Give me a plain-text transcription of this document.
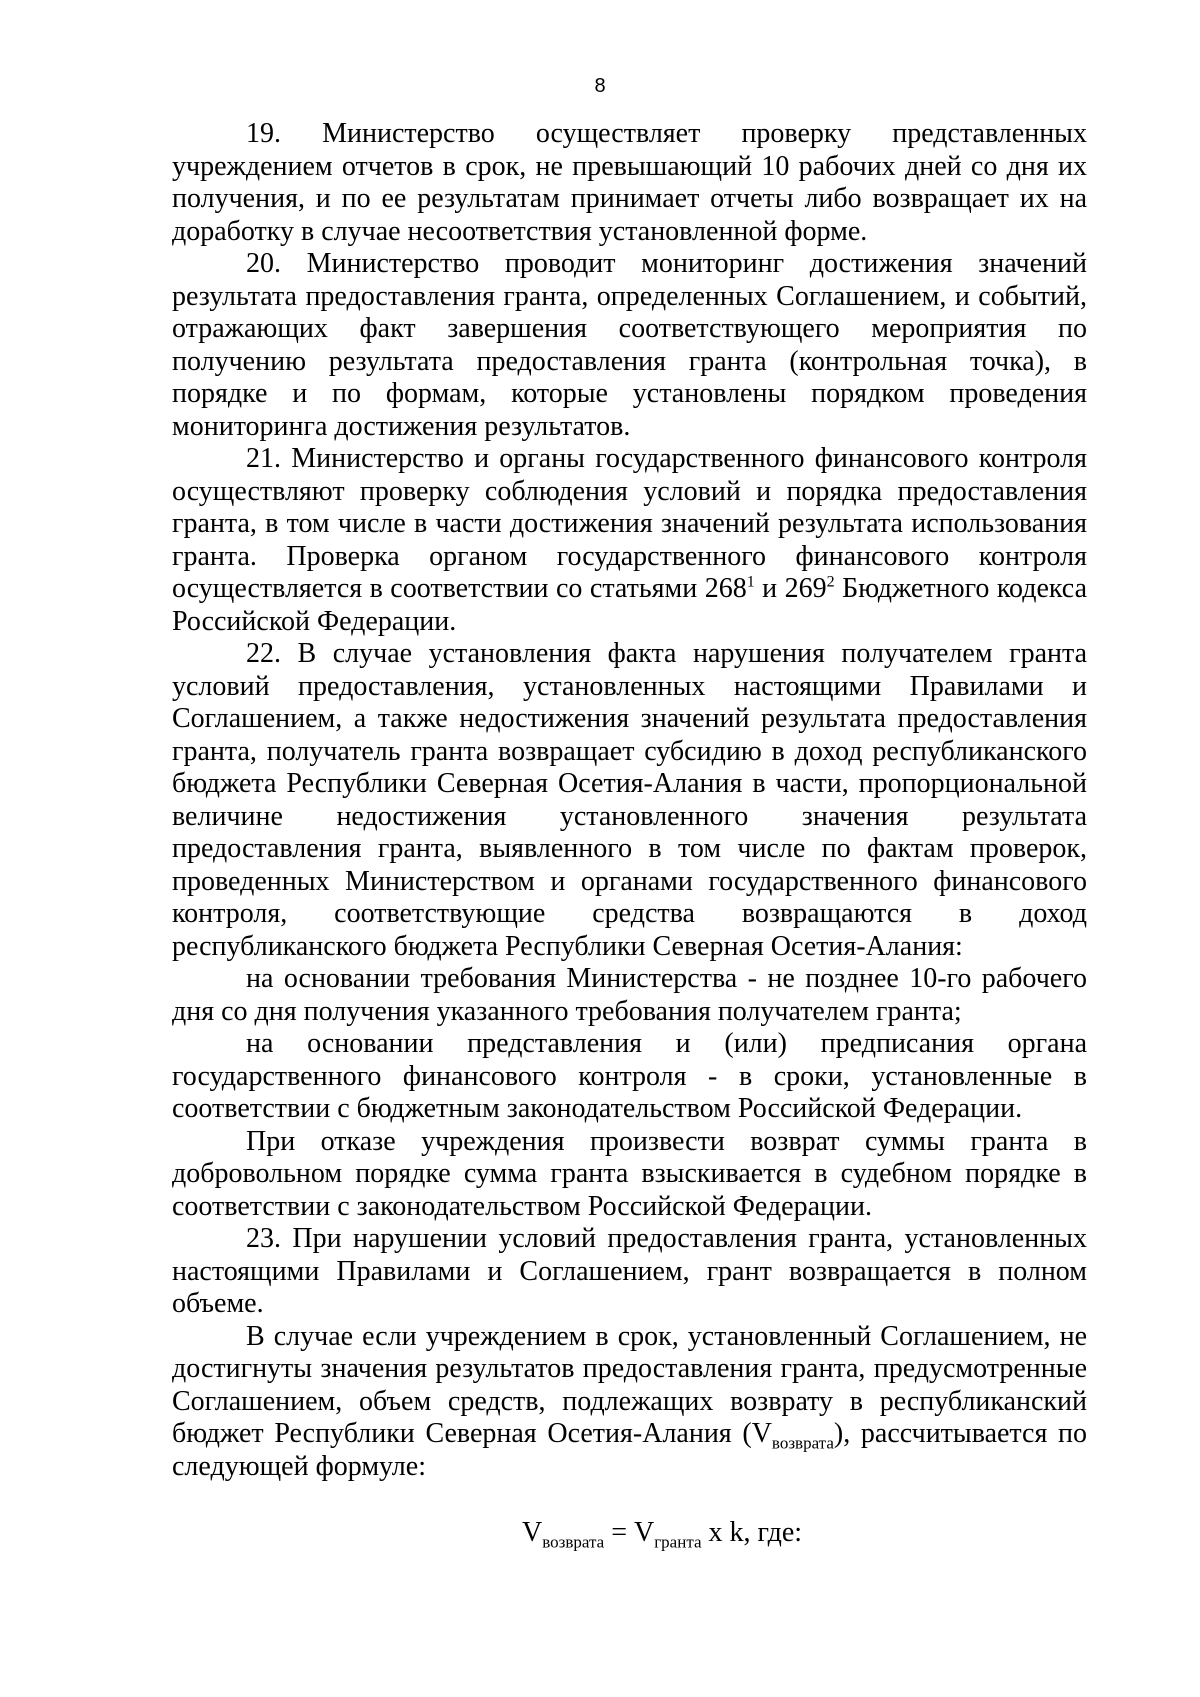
8

19. Министерство осуществляет проверку представленных учреждением отчетов в срок, не превышающий 10 рабочих дней со дня их получения, и по ее результатам принимает отчеты либо возвращает их на доработку в случае несоответствия установленной форме.

20. Министерство проводит мониторинг достижения значений результата предоставления гранта, определенных Соглашением, и событий, отражающих факт завершения соответствующего мероприятия по получению результата предоставления гранта (контрольная точка), в порядке и по формам, которые установлены порядком проведения мониторинга достижения результатов.

21. Министерство и органы государственного финансового контроля осуществляют проверку соблюдения условий и порядка предоставления гранта, в том числе в части достижения значений результата использования гранта. Проверка органом государственного финансового контроля осуществляется в соответствии со статьями $268^1$ и $269^2$ Бюджетного кодекса Российской Федерации.

22. В случае установления факта нарушения получателем гранта условий предоставления, установленных настоящими Правилами и Соглашением, а также недостижения значений результата предоставления гранта, получатель гранта возвращает субсидию в доход республиканского бюджета Республики Северная Осетия-Алания в части, пропорциональной величине недостижения установленного значения результата предоставления гранта, выявленного в том числе по фактам проверок, проведенных Министерством и органами государственного финансового контроля, соответствующие средства возвращаются в доход республиканского бюджета Республики Северная Осетия-Алания:

на основании требования Министерства - не позднее 10-го рабочего дня со дня получения указанного требования получателем гранта;

на основании представления и (или) предписания органа государственного финансового контроля - в сроки, установленные в соответствии с бюджетным законодательством Российской Федерации.

При отказе учреждения произвести возврат суммы гранта в добровольном порядке сумма гранта взыскивается в судебном порядке в соответствии с законодательством Российской Федерации.

23. При нарушении условий предоставления гранта, установленных настоящими Правилами и Соглашением, грант возвращается в полном объеме.

В случае если учреждением в срок, установленный Соглашением, не достигнуты значения результатов предоставления гранта, предусмотренные Соглашением, объем средств, подлежащих возврату в республиканский бюджет Республики Северная Осетия-Алания $(V_{возврата})$, рассчитывается по следующей формуле:

$V_{возврата} = V_{гранта}$ x k, где:
